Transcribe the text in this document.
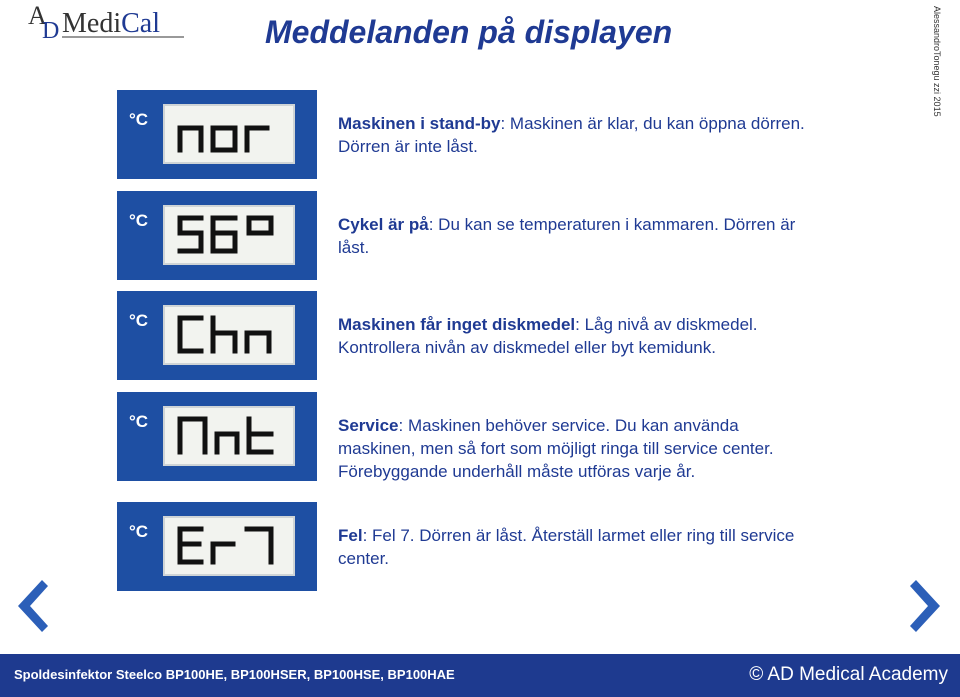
A
D MediCal	Meddelanden på displayen	AlessandroTonegu zzi 2015
°C	Maskinen i stand-by: Maskinen är klar, du kan öppna dörren. Dörren är inte låst.
°C	Cykel är på: Du kan se temperaturen i kammaren. Dörren är låst.
°C	Maskinen får inget diskmedel: Låg nivå av diskmedel. Kontrollera nivån av diskmedel eller byt kemidunk.
°C	Service: Maskinen behöver service. Du kan använda maskinen, men så fort som möjligt ringa till service center. Förebyggande underhåll måste utföras varje år.
°C	Fel: Fel 7. Dörren är låst. Återställ larmet eller ring till service center.
Spoldesinfektor Steelco BP100HE, BP100HSER, BP100HSE, BP100HAE	© AD Medical Academy
